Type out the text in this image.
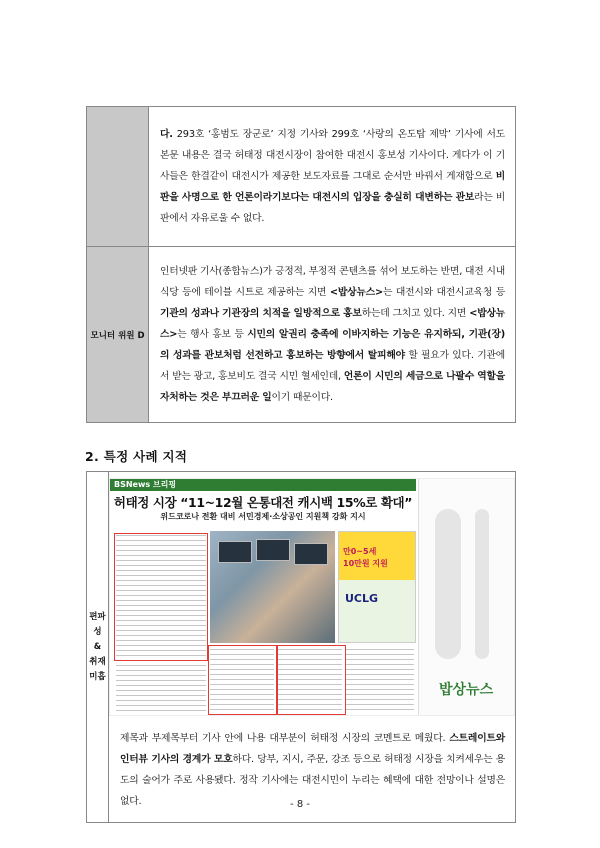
	다. 293호 ‘홍범도 장군로’ 지정 기사와 299호 ‘사랑의 온도탑 제막’ 기사에 서도 본문 내용은 결국 허태정 대전시장이 참여한 대전시 홍보성 기사이다. 게다가 이 기사들은 한결같이 대전시가 제공한 보도자료를 그대로 순서만 바꿔서 게재함으로 비판을 사명으로 한 언론이라기보다는 대전시의 입장을 충실히 대변하는 관보라는 비판에서 자유로울 수 없다.
모니터 위원 D	인터넷판 기사(종합뉴스)가 긍정적, 부정적 콘텐츠를 섞어 보도하는 반면, 대전 시내 식당 등에 테이블 시트로 제공하는 지면 <밥상뉴스>는 대전시와 대전시교육청 등 기관의 성과나 기관장의 치적을 일방적으로 홍보하는데 그치고 있다. 지면 <밥상뉴스>는 행사 홍보 등 시민의 알권리 충족에 이바지하는 기능은 유지하되, 기관(장)의 성과를 관보처럼 선전하고 홍보하는 방향에서 탈피해야 할 필요가 있다. 기관에서 받는 광고, 홍보비도 결국 시민 혈세인데, 언론이 시민의 세금으로 나팔수 역할을 자처하는 것은 부끄러운 일이기 때문이다.
2. 특정 사례 지적
편파성
&
취재 미흡

BSNews 브리핑
허태정 시장 “11~12월 온통대전 캐시백 15%로 확대”
위드코로나 전환 대비 서민경제·소상공인 지원책 강화 지시
만0~5세
10만원 지원
UCLG
밥상뉴스
제목과 부제목부터 기사 안에 나용 대부분이 허태정 시장의 코멘트로 메웠다. 스트레이트와 인터뷰 기사의 경계가 모호하다. 당부, 지시, 주문, 강조 등으로 허태정 시장을 치켜세우는 용도의 술어가 주로 사용됐다. 정작 기사에는 대전시민이 누리는 혜택에 대한 전망이나 설명은 없다.	- 8 -
